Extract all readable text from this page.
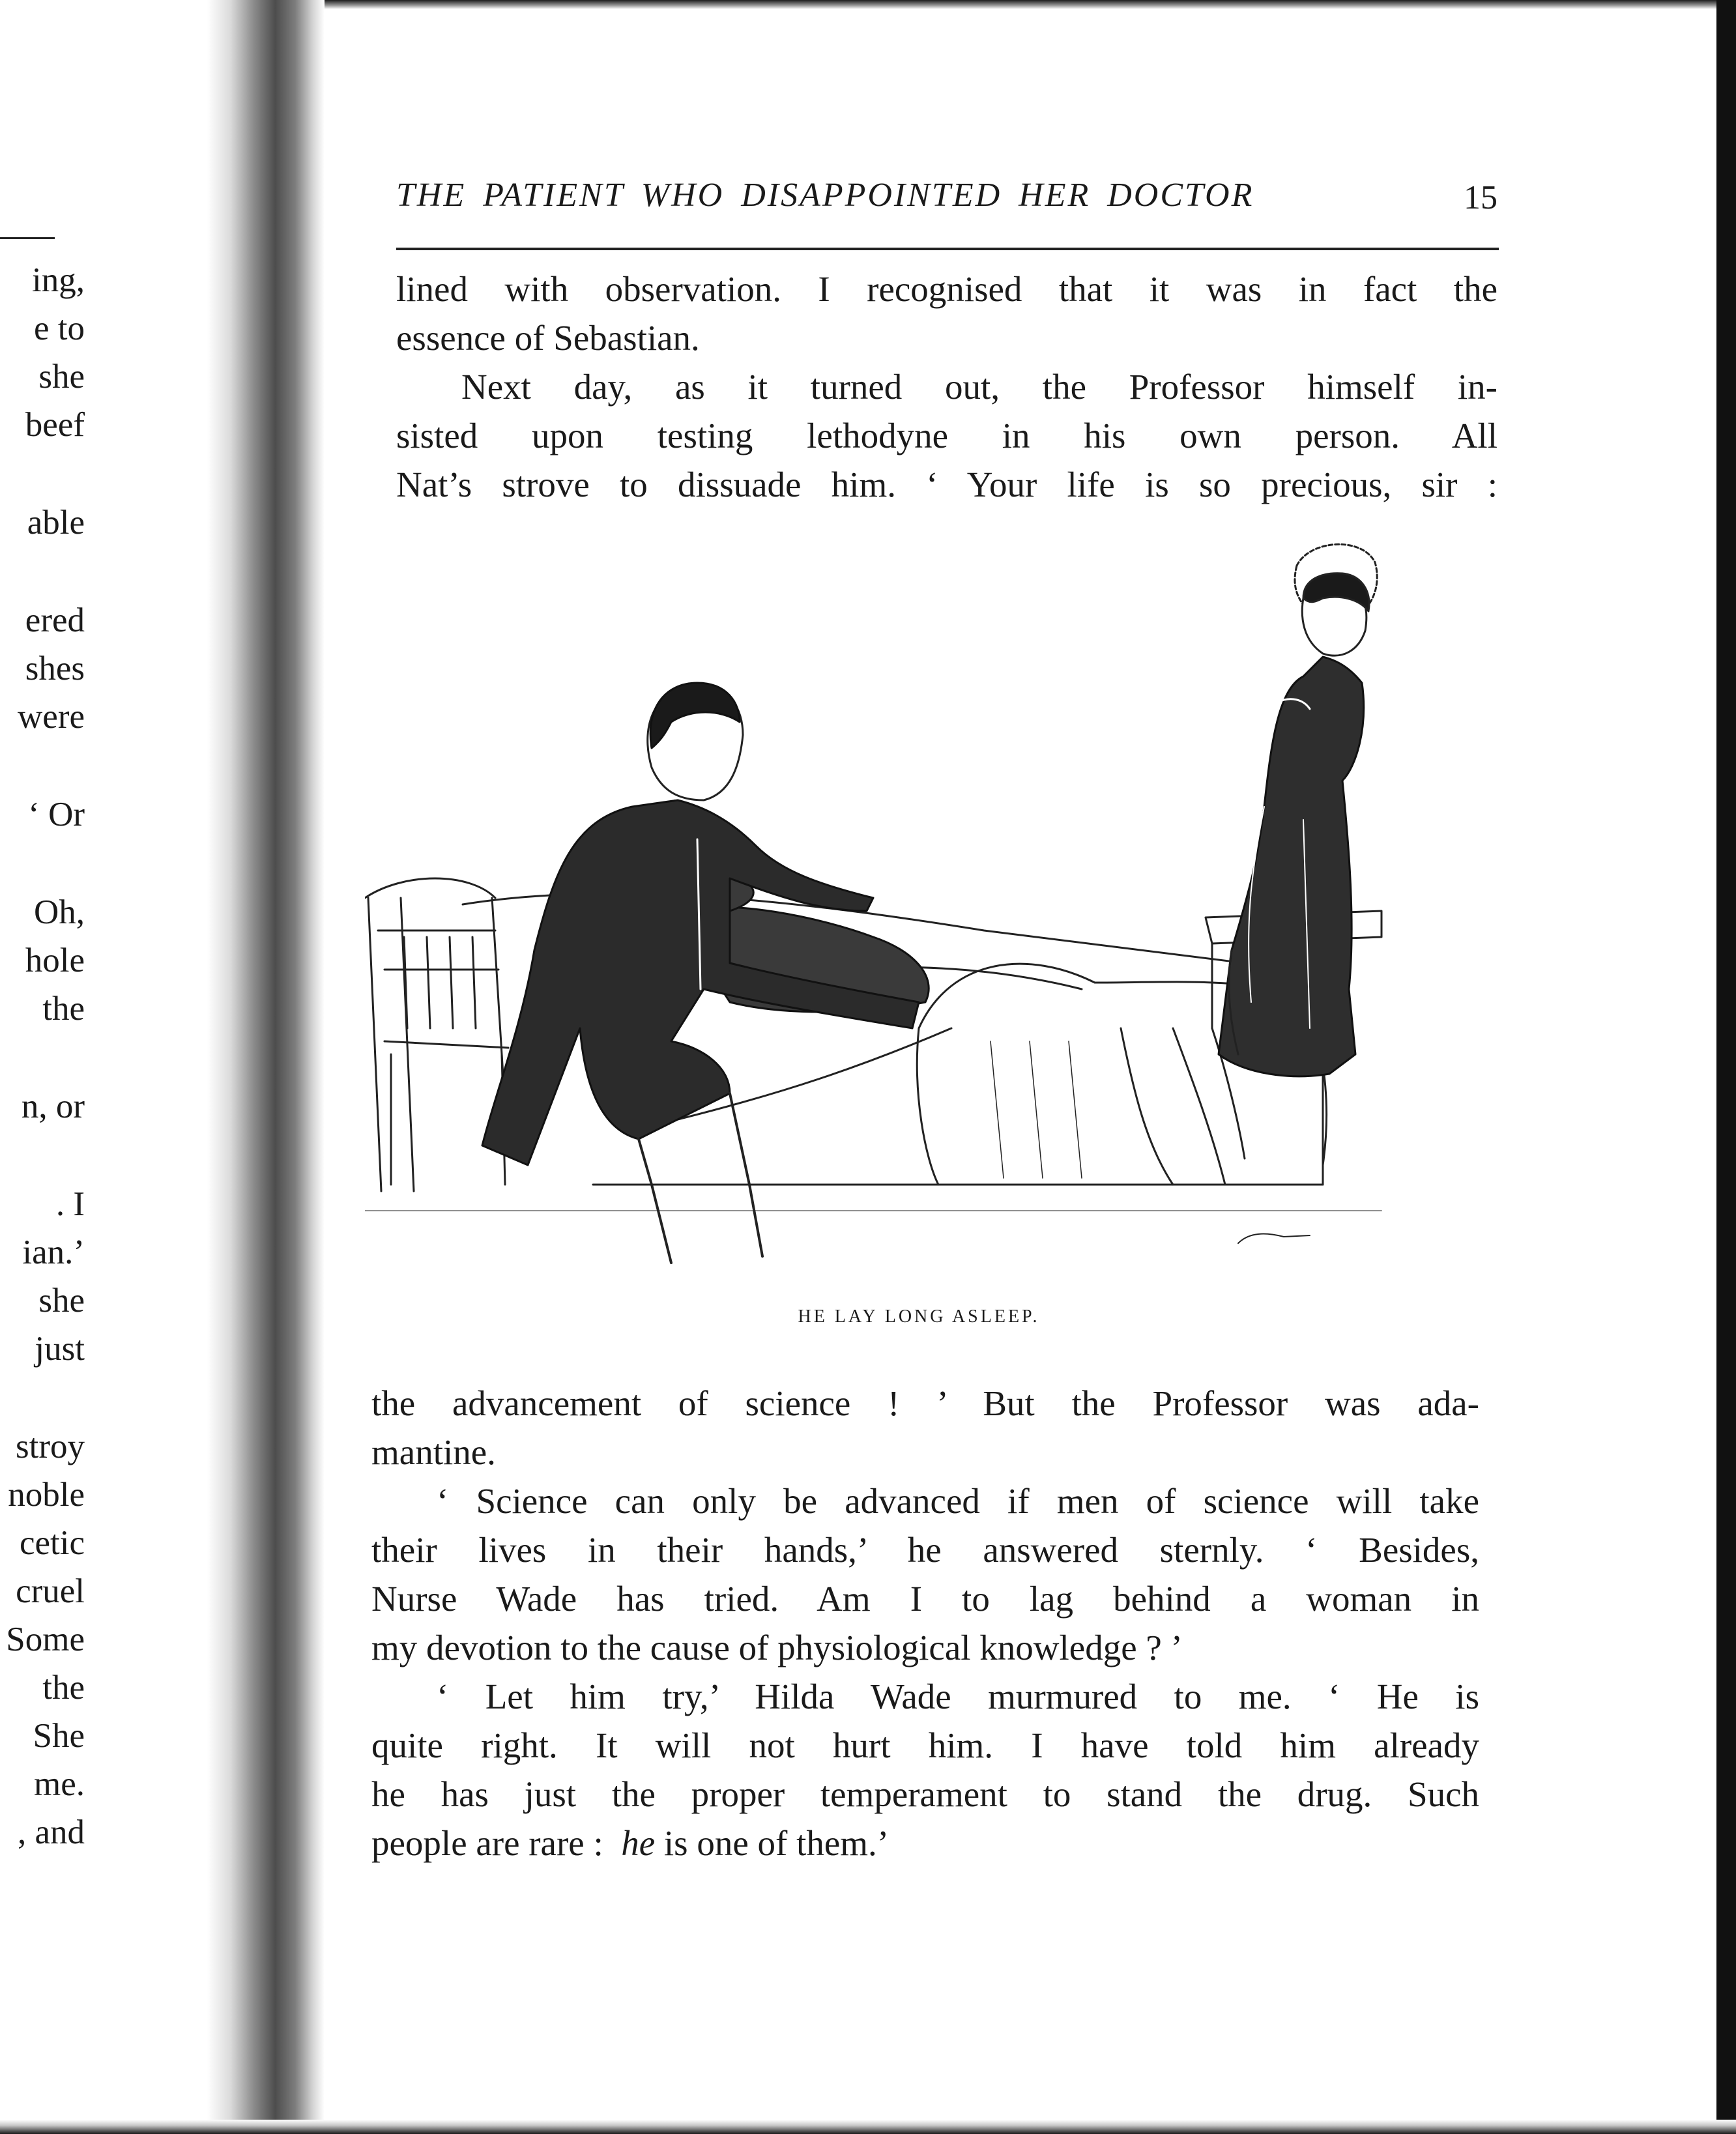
ing,
e to
she
beef
able
ered
shes
were
‘ Or
Oh,
hole
the
n, or
. I
ian.’
she
just
stroy
noble
cetic
cruel
Some
the
She
me.
, and
THE PATIENT WHO DISAPPOINTED HER DOCTOR	15
lined with observation. I recognised that it was in fact the
essence of Sebastian.
Next day, as it turned out, the Professor himself in-
sisted upon testing lethodyne in his own person. All
Nat’s strove to dissuade him. ‘ Your life is so precious, sir :
HE LAY LONG ASLEEP.
the advancement of science ! ’ But the Professor was ada-
mantine.
‘ Science can only be advanced if men of science will take
their lives in their hands,’ he answered sternly. ‘ Besides,
Nurse Wade has tried. Am I to lag behind a woman in
my devotion to the cause of physiological knowledge ? ’
‘ Let him try,’ Hilda Wade murmured to me. ‘ He is
quite right. It will not hurt him. I have told him already
he has just the proper temperament to stand the drug. Such
people are rare :  he is one of them.’
